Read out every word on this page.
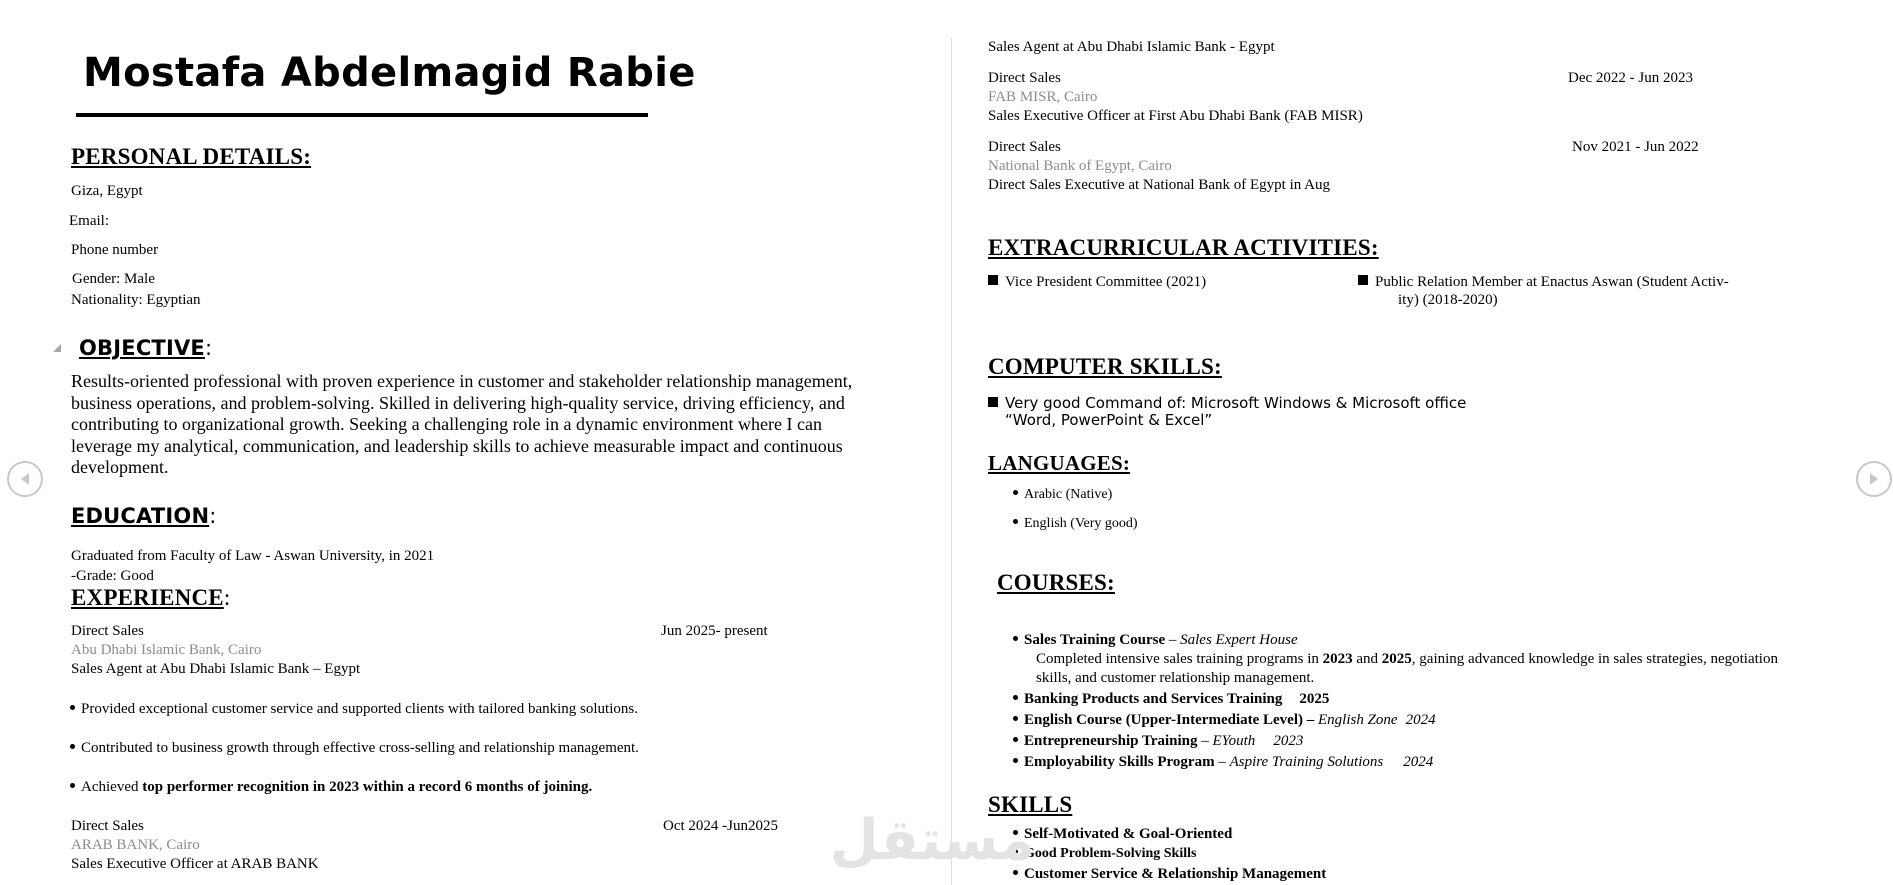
Mostafa Abdelmagid Rabie
PERSONAL DETAILS:
Giza, Egypt
Email:
Phone number
Gender: Male
Nationality: Egyptian
OBJECTIVE:
Results-oriented professional with proven experience in customer and stakeholder relationship management,
business operations, and problem-solving. Skilled in delivering high-quality service, driving efficiency, and
contributing to organizational growth. Seeking a challenging role in a dynamic environment where I can
leverage my analytical, communication, and leadership skills to achieve measurable impact and continuous
development.
EDUCATION:
Graduated from Faculty of Law - Aswan University, in 2021
-Grade: Good
EXPERIENCE:
Direct Sales	Jun 2025- present
Abu Dhabi Islamic Bank, Cairo
Sales Agent at Abu Dhabi Islamic Bank – Egypt
Provided exceptional customer service and supported clients with tailored banking solutions.
Contributed to business growth through effective cross-selling and relationship management.
Achieved top performer recognition in 2023 within a record 6 months of joining.
Direct Sales	Oct 2024 -Jun2025
ARAB BANK, Cairo
Sales Executive Officer at ARAB BANK
Sales Agent at Abu Dhabi Islamic Bank - Egypt
Direct Sales	Dec 2022 - Jun 2023
FAB MISR, Cairo
Sales Executive Officer at First Abu Dhabi Bank (FAB MISR)
Direct Sales	Nov 2021 - Jun 2022
National Bank of Egypt, Cairo
Direct Sales Executive at National Bank of Egypt in Aug
EXTRACURRICULAR ACTIVITIES:
Vice President Committee (2021)	Public Relation Member at Enactus Aswan (Student Activ-
ity) (2018-2020)
COMPUTER SKILLS:
Very good Command of: Microsoft Windows & Microsoft office
“Word, PowerPoint & Excel”
LANGUAGES:
Arabic (Native)
English (Very good)
COURSES:
Sales Training Course – Sales Expert House
Completed intensive sales training programs in 2023 and 2025, gaining advanced knowledge in sales strategies, negotiation
skills, and customer relationship management.
Banking Products and Services Training 2025
English Course (Upper-Intermediate Level) – English Zone 2024
Entrepreneurship Training – EYouth 2023
Employability Skills Program – Aspire Training Solutions 2024
SKILLS
Self-Motivated & Goal-Oriented
Good Problem-Solving Skills
Customer Service & Relationship Management
مستقل
